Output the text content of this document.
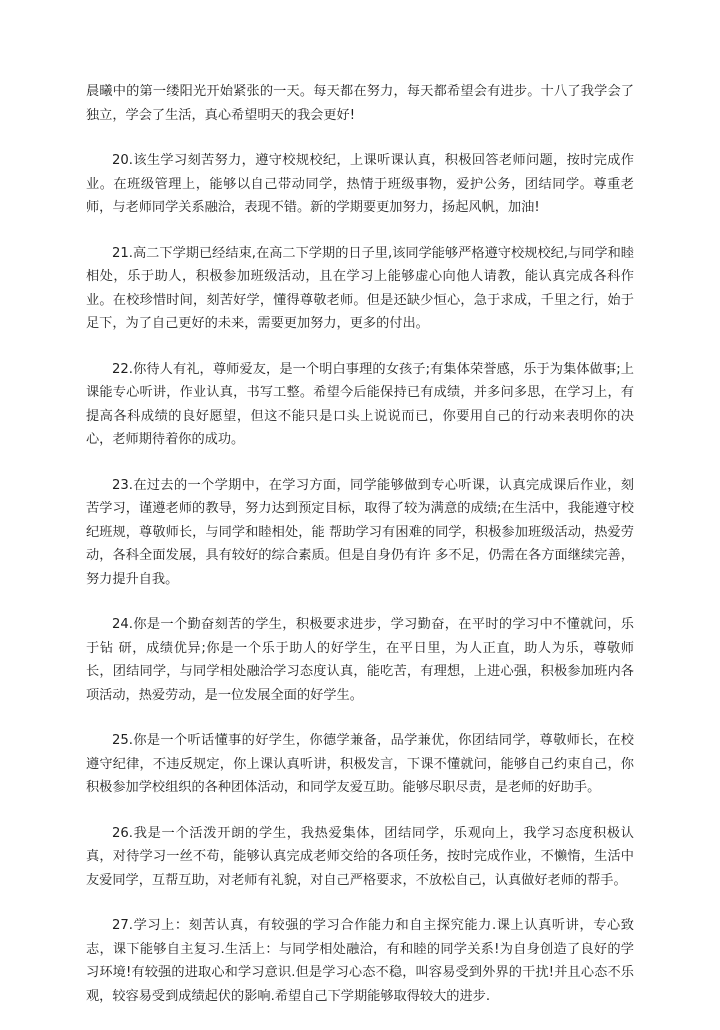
晨曦中的第一缕阳光开始紧张的一天。每天都在努力，每天都希望会有进步。十八了我学会了独立，学会了生活，真心希望明天的我会更好!

20.该生学习刻苦努力，遵守校规校纪，上课听课认真，积极回答老师问题，按时完成作业。在班级管理上，能够以自己带动同学，热情于班级事物，爱护公务，团结同学。尊重老师，与老师同学关系融洽，表现不错。新的学期要更加努力，扬起风帆，加油!

21.高二下学期已经结束,在高二下学期的日子里,该同学能够严格遵守校规校纪,与同学和睦相处，乐于助人，积极参加班级活动，且在学习上能够虚心向他人请教，能认真完成各科作业。在校珍惜时间，刻苦好学，懂得尊敬老师。但是还缺少恒心，急于求成，千里之行，始于足下，为了自己更好的未来，需要更加努力，更多的付出。

22.你待人有礼，尊师爱友，是一个明白事理的女孩子;有集体荣誉感，乐于为集体做事;上课能专心听讲，作业认真，书写工整。希望今后能保持已有成绩，并多问多思，在学习上，有提高各科成绩的良好愿望，但这不能只是口头上说说而已，你要用自己的行动来表明你的决心，老师期待着你的成功。

23.在过去的一个学期中，在学习方面，同学能够做到专心听课，认真完成课后作业，刻苦学习，谨遵老师的教导，努力达到预定目标，取得了较为满意的成绩;在生活中，我能遵守校纪班规，尊敬师长，与同学和睦相处，能 帮助学习有困难的同学，积极参加班级活动，热爱劳动，各科全面发展，具有较好的综合素质。但是自身仍有许 多不足，仍需在各方面继续完善，努力提升自我。

24.你是一个勤奋刻苦的学生，积极要求进步，学习勤奋，在平时的学习中不懂就问，乐于钻 研，成绩优异;你是一个乐于助人的好学生，在平日里，为人正直，助人为乐，尊敬师长，团结同学，与同学相处融洽学习态度认真，能吃苦，有理想，上进心强，积极参加班内各项活动，热爱劳动，是一位发展全面的好学生。

25.你是一个听话懂事的好学生，你德学兼备，品学兼优，你团结同学，尊敬师长，在校遵守纪律，不违反规定，你上课认真听讲，积极发言，下课不懂就问，能够自己约束自己，你积极参加学校组织的各种团体活动，和同学友爱互助。能够尽职尽责，是老师的好助手。

26.我是一个活泼开朗的学生，我热爱集体，团结同学，乐观向上，我学习态度积极认真，对待学习一丝不苟，能够认真完成老师交给的各项任务，按时完成作业，不懒惰，生活中友爱同学，互帮互助，对老师有礼貌，对自己严格要求，不放松自己，认真做好老师的帮手。

27.学习上：刻苦认真，有较强的学习合作能力和自主探究能力.课上认真听讲，专心致志，课下能够自主复习.生活上：与同学相处融洽，有和睦的同学关系!为自身创造了良好的学习环境!有较强的进取心和学习意识.但是学习心态不稳，叫容易受到外界的干扰!并且心态不乐观，较容易受到成绩起伏的影响.希望自己下学期能够取得较大的进步.
